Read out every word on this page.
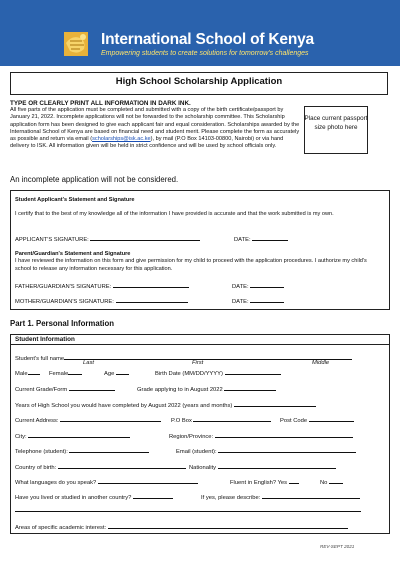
International School of Kenya
Empowering students to create solutions for tomorrow's challenges
High School Scholarship Application
TYPE OR CLEARLY PRINT ALL INFORMATION IN DARK INK.
All five parts of the application must be completed and submitted with a copy of the birth certificate/passport by January 21, 2022. Incomplete applications will not be forwarded to the scholarship committee. This Scholarship application form has been designed to give each applicant fair and equal consideration. Scholarships awarded by the International School of Kenya are based on financial need and student merit. Please complete the form as accurately as possible and return via email (scholarships@isk.ac.ke), by mail (P.O Box 14103-00800, Nairobi) or via hand delivery to ISK. All information given will be held in strict confidence and will be used by school officials only.
Place current passport size photo here
An incomplete application will not be considered.
Student Applicant's Statement and Signature
I certify that to the best of my knowledge all of the information I have provided is accurate and that the work submitted is my own.
APPLICANT'S SIGNATURE:	DATE:
Parent/Guardian's Statement and Signature
I have reviewed the information on this form and give permission for my child to proceed with the application procedures. I authorize my child's school to release any information necessary for this application.
FATHER/GUARDIAN'S SIGNATURE:	DATE:
MOTHER/GUARDIAN'S SIGNATURE:	DATE:
Part 1. Personal Information
Student Information
Student's full name
Last	First	Middle
Male	Female	Age	Birth Date (MM/DD/YYYY)
Current Grade/Form	Grade applying to in August 2022
Years of High School you would have completed by August 2022 (years and months)
Current Address:	P.O Box	Post Code
City:	Region/Province:
Telephone (student):	Email (student):
Country of birth:	Nationality
What languages do you speak?	Fluent in English? Yes	No
Have you lived or studied in another country?	If yes, please describe:
Areas of specific academic interest:
REV-SEPT 2021
